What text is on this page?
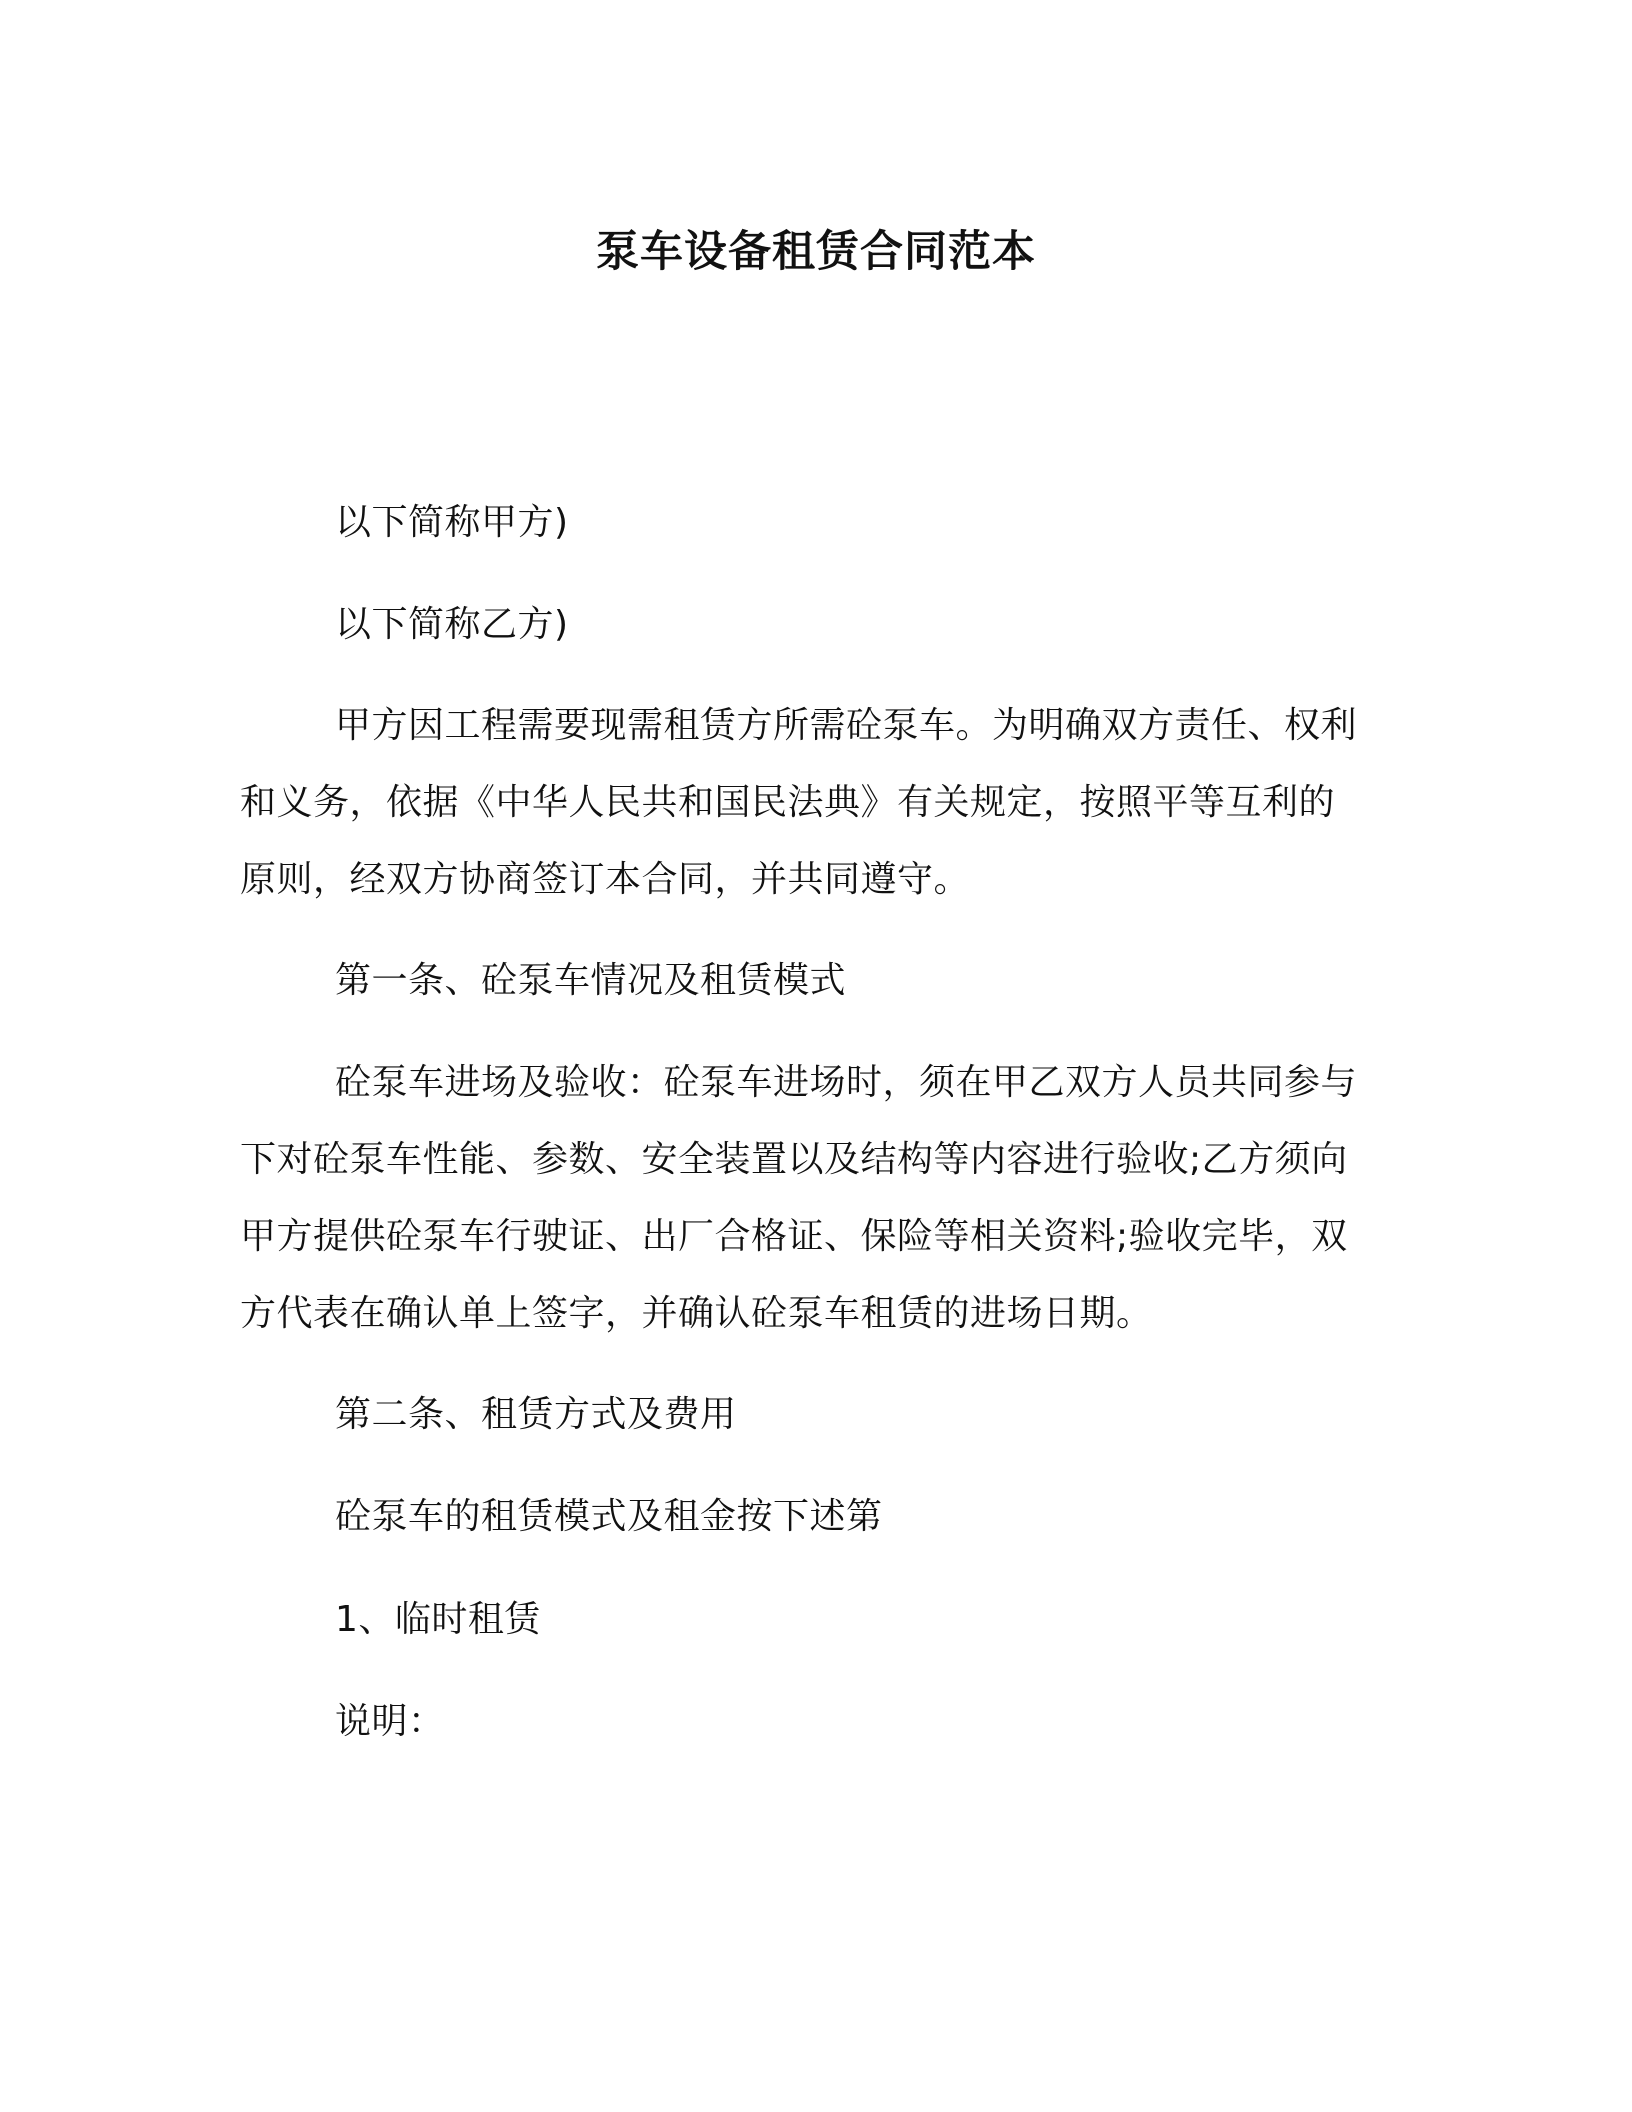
泵车设备租赁合同范本

以下简称甲方)

以下简称乙方)

甲方因工程需要现需租赁方所需砼泵车。为明确双方责任、权利
和义务，依据《中华人民共和国民法典》有关规定，按照平等互利的
原则，经双方协商签订本合同，并共同遵守。

第一条、砼泵车情况及租赁模式

砼泵车进场及验收：砼泵车进场时，须在甲乙双方人员共同参与
下对砼泵车性能、参数、安全装置以及结构等内容进行验收;乙方须向
甲方提供砼泵车行驶证、出厂合格证、保险等相关资料;验收完毕，双
方代表在确认单上签字，并确认砼泵车租赁的进场日期。

第二条、租赁方式及费用

砼泵车的租赁模式及租金按下述第

1、临时租赁

说明：
